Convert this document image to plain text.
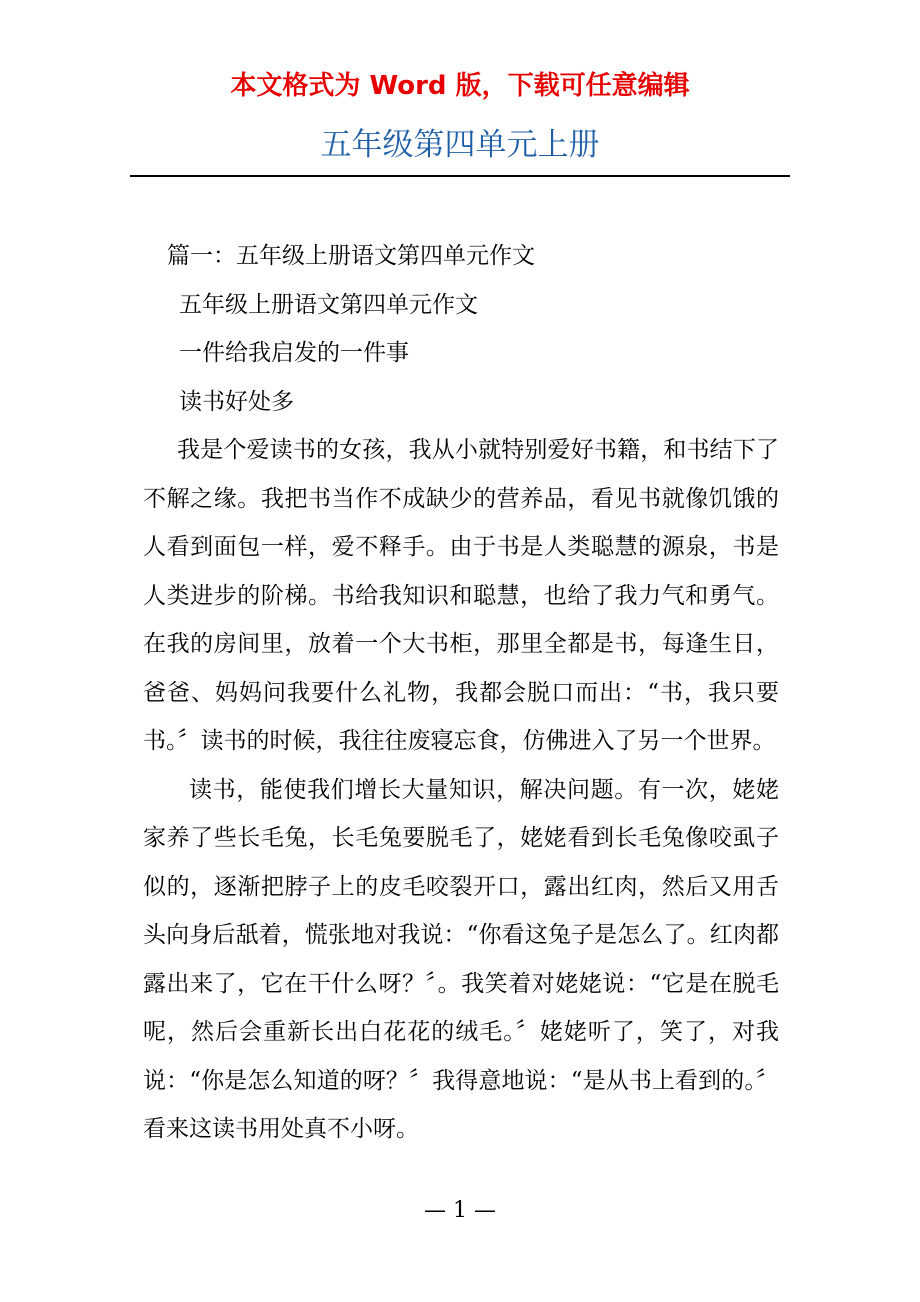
本文格式为 Word 版，下载可任意编辑
五年级第四单元上册

篇一：五年级上册语文第四单元作文

五年级上册语文第四单元作文

一件给我启发的一件事

读书好处多

我是个爱读书的女孩，我从小就特别爱好书籍，和书结下了不解之缘。我把书当作不成缺少的营养品，看见书就像饥饿的人看到面包一样，爱不释手。由于书是人类聪慧的源泉，书是人类进步的阶梯。书给我知识和聪慧，也给了我力气和勇气。在我的房间里，放着一个大书柜，那里全都是书，每逢生日，爸爸、妈妈问我要什么礼物，我都会脱口而出：“书，我只要书。〞读书的时候，我往往废寝忘食，仿佛进入了另一个世界。

读书，能使我们增长大量知识，解决问题。有一次，姥姥家养了些长毛兔，长毛兔要脱毛了，姥姥看到长毛兔像咬虱子似的，逐渐把脖子上的皮毛咬裂开口，露出红肉，然后又用舌头向身后舐着，慌张地对我说：“你看这兔子是怎么了。红肉都露出来了，它在干什么呀？〞。我笑着对姥姥说：“它是在脱毛呢，然后会重新长出白花花的绒毛。〞姥姥听了，笑了，对我说：“你是怎么知道的呀？〞我得意地说：“是从书上看到的。〞看来这读书用处真不小呀。

— 1 —
